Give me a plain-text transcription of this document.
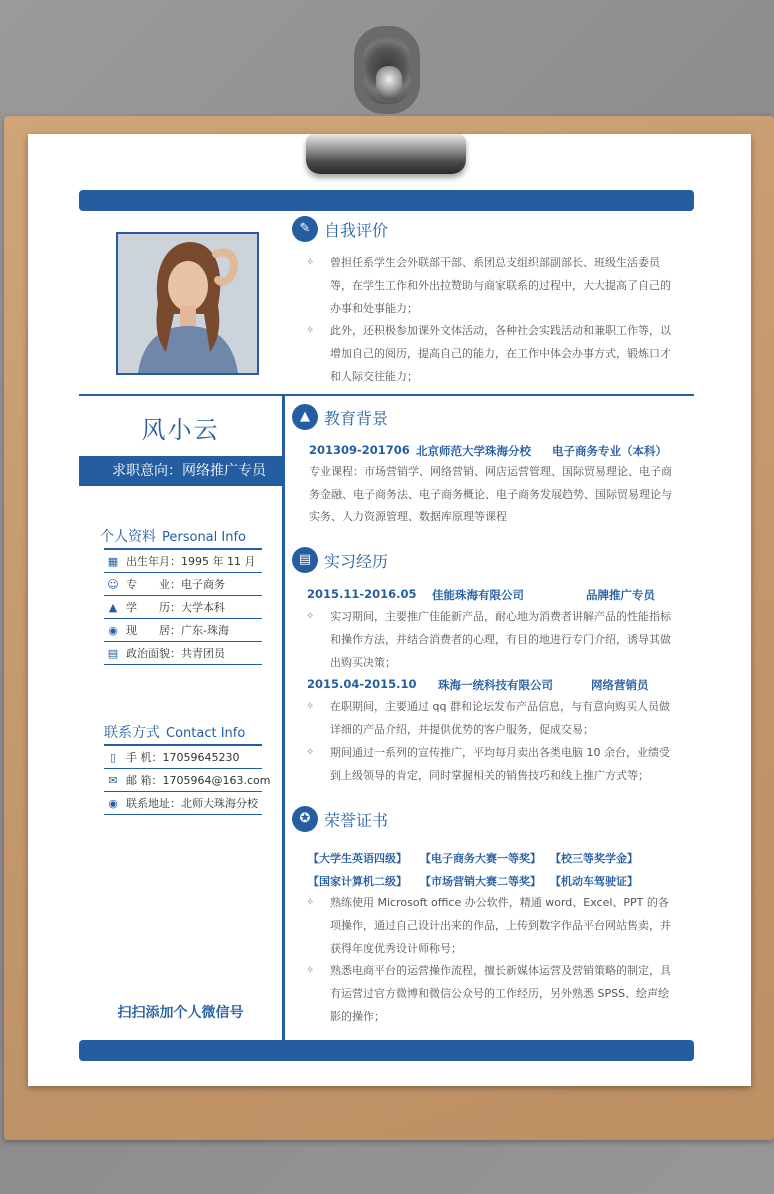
风小云
求职意向：网络推广专员
个人资料 Personal Info
▦ 出生年月：1995 年 11 月
☺ 专　　业：电子商务
▲ 学　　历：大学本科
◉ 现　　居：广东-珠海
▤ 政治面貌：共青团员
联系方式 Contact Info
▯ 手 机：17059645230
✉ 邮 箱：1705964@163.com
◉ 联系地址：北师大珠海分校
扫扫添加个人微信号
✎ 自我评价
✧	曾担任系学生会外联部干部、系团总支组织部副部长、班级生活委员等，在学生工作和外出拉赞助与商家联系的过程中，大大提高了自己的办事和处事能力；
✧	此外，还积极参加课外文体活动，各种社会实践活动和兼职工作等，以增加自己的阅历，提高自己的能力，在工作中体会办事方式，锻炼口才和人际交往能力；
▲ 教育背景
201309-201706 北京师范大学珠海分校 电子商务专业（本科）
专业课程：市场营销学、网络营销、网店运营管理、国际贸易理论、电子商务金融、电子商务法、电子商务概论、电子商务发展趋势、国际贸易理论与实务、人力资源管理、数据库原理等课程
▤ 实习经历
2015.11-2016.05 佳能珠海有限公司	品牌推广专员
✧	实习期间，主要推广佳能新产品，耐心地为消费者讲解产品的性能指标和操作方法，并结合消费者的心理，有目的地进行专门介绍，诱导其做出购买决策；
2015.04-2015.10 珠海一统科技有限公司	网络营销员
✧	在职期间，主要通过 qq 群和论坛发布产品信息，与有意向购买人员做详细的产品介绍，并提供优势的客户服务，促成交易；
✧	期间通过一系列的宣传推广，平均每月卖出各类电脑 10 余台，业绩受到上级领导的肯定，同时掌握相关的销售技巧和线上推广方式等；
✪ 荣誉证书
【大学生英语四级】 【电子商务大赛一等奖】 【校三等奖学金】
【国家计算机二级】 【市场营销大赛二等奖】 【机动车驾驶证】
✧	熟练使用 Microsoft office 办公软件，精通 word、Excel、PPT 的各项操作，通过自己设计出来的作品，上传到数字作品平台网站售卖，并获得年度优秀设计师称号；
✧	熟悉电商平台的运营操作流程，擅长新媒体运营及营销策略的制定，具有运营过官方微博和微信公众号的工作经历，另外熟悉 SPSS、绘声绘影的操作；
